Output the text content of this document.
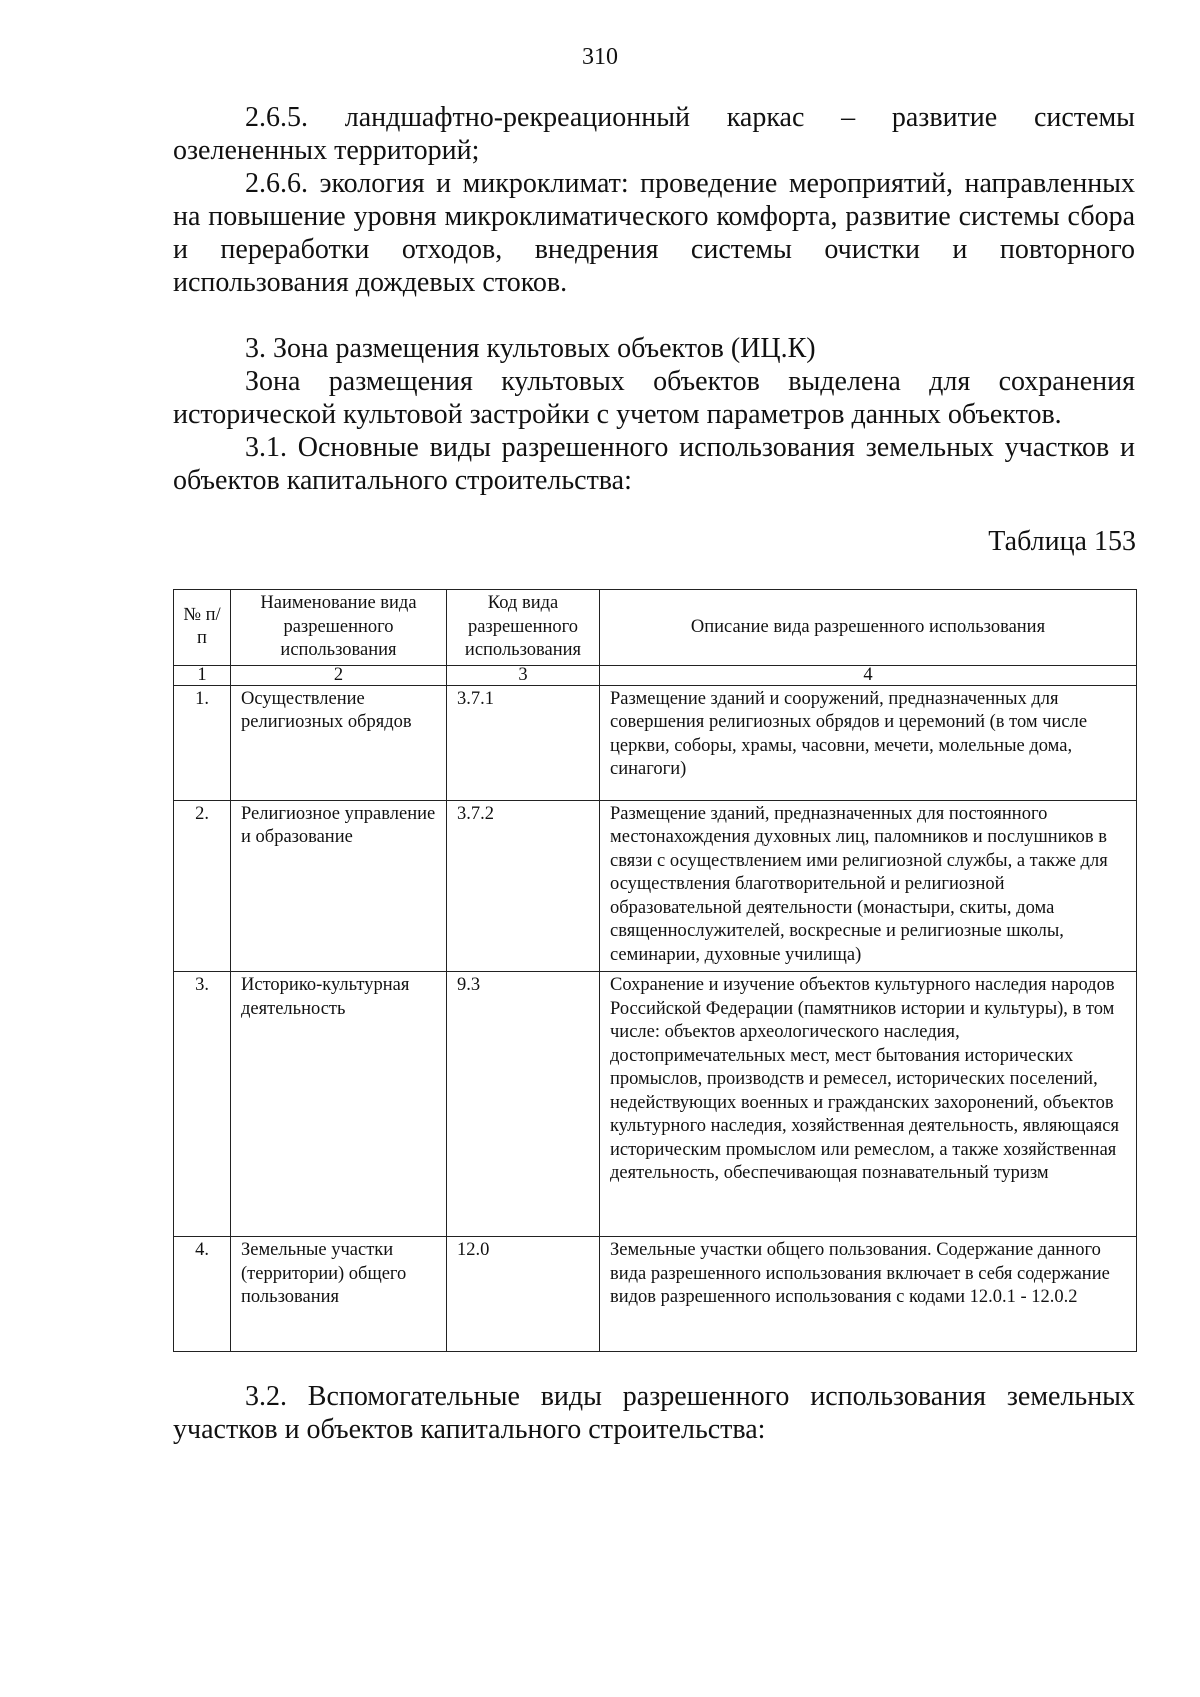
310

2.6.5. ландшафтно-рекреационный каркас – развитие системы озелененных территорий;

2.6.6. экология и микроклимат: проведение мероприятий, направленных на повышение уровня микроклиматического комфорта, развитие системы сбора и переработки отходов, внедрения системы очистки и повторного использования дождевых стоков.

3. Зона размещения культовых объектов (ИЦ.К)

Зона размещения культовых объектов выделена для сохранения исторической культовой застройки с учетом параметров данных объектов.

3.1. Основные виды разрешенного использования земельных участков и объектов капитального строительства:

Таблица 153
№ п/п	Наименование вида разрешенного использования	Код вида разрешенного использования	Описание вида разрешенного использования
1	2	3	4
1.	Осуществление религиозных обрядов	3.7.1	Размещение зданий и сооружений, предназначенных для совершения религиозных обрядов и церемоний (в том числе церкви, соборы, храмы, часовни, мечети, молельные дома, синагоги)
2.	Религиозное управление и образование	3.7.2	Размещение зданий, предназначенных для постоянного местонахождения духовных лиц, паломников и послушников в связи с осуществлением ими религиозной службы, а также для осуществления благотворительной и религиозной образовательной деятельности (монастыри, скиты, дома священнослужителей, воскресные и религиозные школы, семинарии, духовные училища)
3.	Историко-культурная деятельность	9.3	Сохранение и изучение объектов культурного наследия народов Российской Федерации (памятников истории и культуры), в том числе: объектов археологического наследия, достопримечательных мест, мест бытования исторических промыслов, производств и ремесел, исторических поселений, недействующих военных и гражданских захоронений, объектов культурного наследия, хозяйственная деятельность, являющаяся историческим промыслом или ремеслом, а также хозяйственная деятельность, обеспечивающая познавательный туризм
4.	Земельные участки (территории) общего пользования	12.0	Земельные участки общего пользования. Содержание данного вида разрешенного использования включает в себя содержание видов разрешенного использования с кодами 12.0.1 - 12.0.2

3.2. Вспомогательные виды разрешенного использования земельных участков и объектов капитального строительства:
